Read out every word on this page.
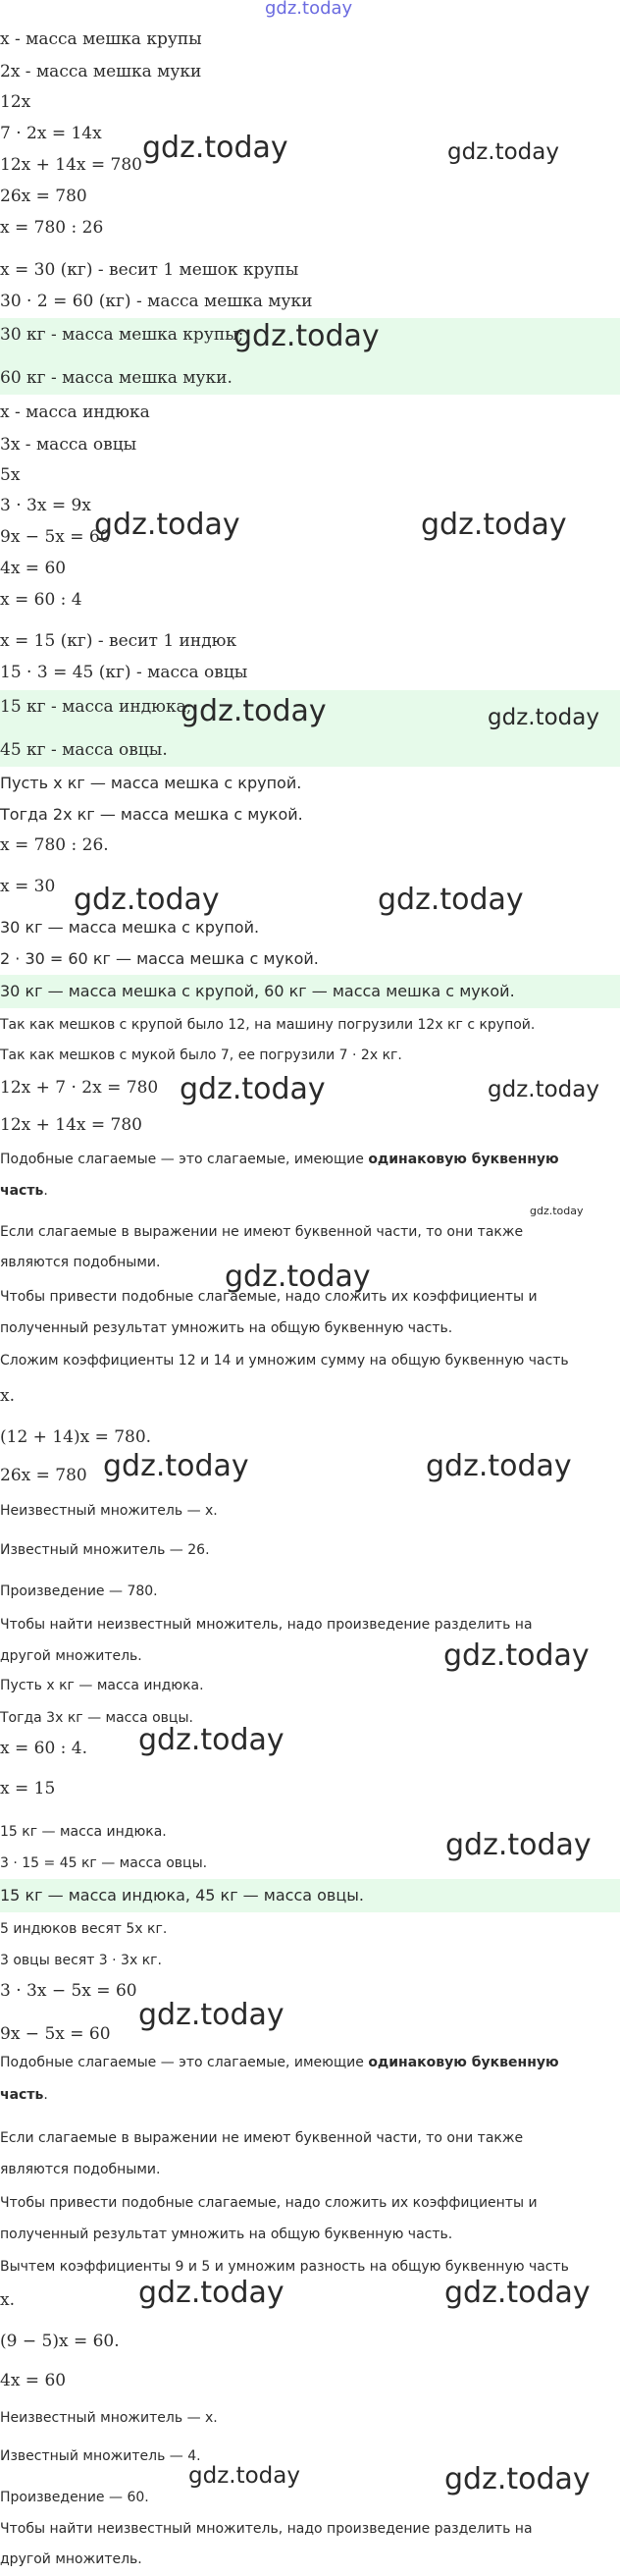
x - масса мешка крупы
2x - масса мешка муки
12x
7 · 2x = 14x
12x + 14x = 780
26x = 780
x = 780 : 26
x = 30 (кг) - весит 1 мешок крупы
30 · 2 = 60 (кг) - масса мешка муки
30 кг - масса мешка крупы;
60 кг - масса мешка муки.
x - масса индюка
3x - масса овцы
5x
3 · 3x = 9x
9x − 5x = 60
4x = 60
x = 60 : 4
x = 15 (кг) - весит 1 индюк
15 · 3 = 45 (кг) - масса овцы
15 кг - масса индюка;
45 кг - масса овцы.
Пусть x кг — масса мешка с крупой.
Тогда 2x кг — масса мешка с мукой.
x = 780 : 26.
x = 30
30 кг — масса мешка с крупой.
2 · 30 = 60 кг — масса мешка с мукой.
30 кг — масса мешка с крупой, 60 кг — масса мешка с мукой.
Так как мешков с крупой было 12, на машину погрузили 12x кг с крупой.
Так как мешков с мукой было 7, ее погрузили 7 · 2x кг.
12x + 7 · 2x = 780
12x + 14x = 780
Подобные слагаемые — это слагаемые, имеющие одинаковую буквенную
часть.
Если слагаемые в выражении не имеют буквенной части, то они также
являются подобными.
Чтобы привести подобные слагаемые, надо сложить их коэффициенты и
полученный результат умножить на общую буквенную часть.
Сложим коэффициенты 12 и 14 и умножим сумму на общую буквенную часть
x.
(12 + 14)x = 780.
26x = 780
Неизвестный множитель — x.
Известный множитель — 26.
Произведение — 780.
Чтобы найти неизвестный множитель, надо произведение разделить на
другой множитель.
Пусть x кг — масса индюка.
Тогда 3x кг — масса овцы.
x = 60 : 4.
x = 15
15 кг — масса индюка.
3 · 15 = 45 кг — масса овцы.
15 кг — масса индюка, 45 кг — масса овцы.
5 индюков весят 5x кг.
3 овцы весят 3 · 3x кг.
3 · 3x − 5x = 60
9x − 5x = 60
Подобные слагаемые — это слагаемые, имеющие одинаковую буквенную
часть.
Если слагаемые в выражении не имеют буквенной части, то они также
являются подобными.
Чтобы привести подобные слагаемые, надо сложить их коэффициенты и
полученный результат умножить на общую буквенную часть.
Вычтем коэффициенты 9 и 5 и умножим разность на общую буквенную часть
x.
(9 − 5)x = 60.
4x = 60
Неизвестный множитель — x.
Известный множитель — 4.
Произведение — 60.
Чтобы найти неизвестный множитель, надо произведение разделить на
другой множитель.
gdz.today
gdz.today	gdz.today
gdz.today
gdz.today	gdz.today
gdz.today	gdz.today
gdz.today	gdz.today
gdz.today	gdz.today
gdz.today
gdz.today
gdz.today	gdz.today
gdz.today
gdz.today
gdz.today
gdz.today
gdz.today	gdz.today
gdz.today	gdz.today
